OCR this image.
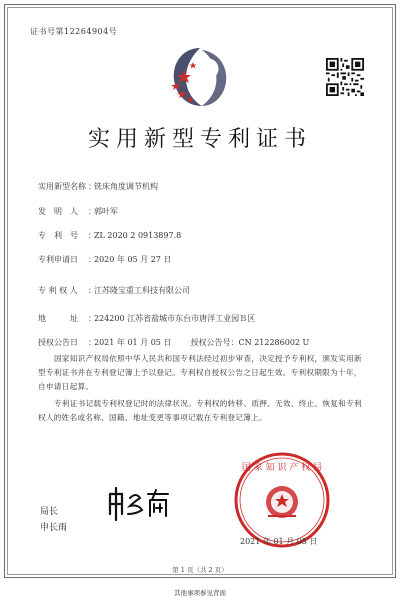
证书号第12264904号
实用新型专利证书
实用新型名称 ：铣床角度调节机构
发　明　人 ：郭叶军
专　利　号 ：ZL 2020 2 0913897.8
专利申请日 ：2020 年 05 月 27 日
专 利 权 人 ：江苏隆宝重工科技有限公司
地　　　址 ：224200 江苏省盐城市东台市唐洋工业园Ｂ区
授权公告日 ：2021 年 01 月 05 日 授权公告号：CN 212286002 U
国家知识产权局依照中华人民共和国专利法经过初步审查，决定授予专利权，颁发实用新型专利证书并在专利登记簿上予以登记。专利权自授权公告之日起生效。专利权期限为十年，自申请日起算。
专利证书记载专利权登记时的法律状况。专利权的转移、质押、无效、终止、恢复和专利权人的姓名或名称、国籍、地址变更等事项记载在专利登记簿上。
局长
申长雨
国 家 知 识 产 权 局
2021 年 01 月 05 日
第 1 页（共 2 页）
其他事项参见背面
